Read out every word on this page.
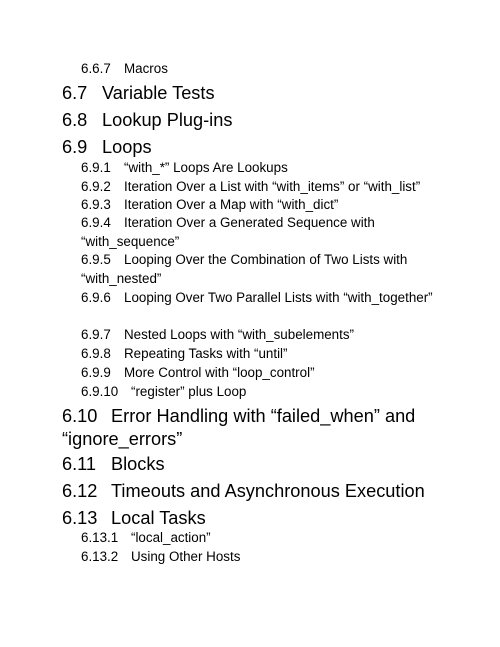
6.6.7 Macros
6.7 Variable Tests
6.8 Lookup Plug-ins
6.9 Loops
6.9.1 “with_*” Loops Are Lookups
6.9.2 Iteration Over a List with “with_items” or “with_list”
6.9.3 Iteration Over a Map with “with_dict”
6.9.4 Iteration Over a Generated Sequence with “with_sequence”
6.9.5 Looping Over the Combination of Two Lists with “with_nested”
6.9.6 Looping Over Two Parallel Lists with “with_together”
6.9.7 Nested Loops with “with_subelements”
6.9.8 Repeating Tasks with “until”
6.9.9 More Control with “loop_control”
6.9.10 “register” plus Loop
6.10 Error Handling with “failed_when” and “ignore_errors”
6.11 Blocks
6.12 Timeouts and Asynchronous Execution
6.13 Local Tasks
6.13.1 “local_action”
6.13.2 Using Other Hosts
